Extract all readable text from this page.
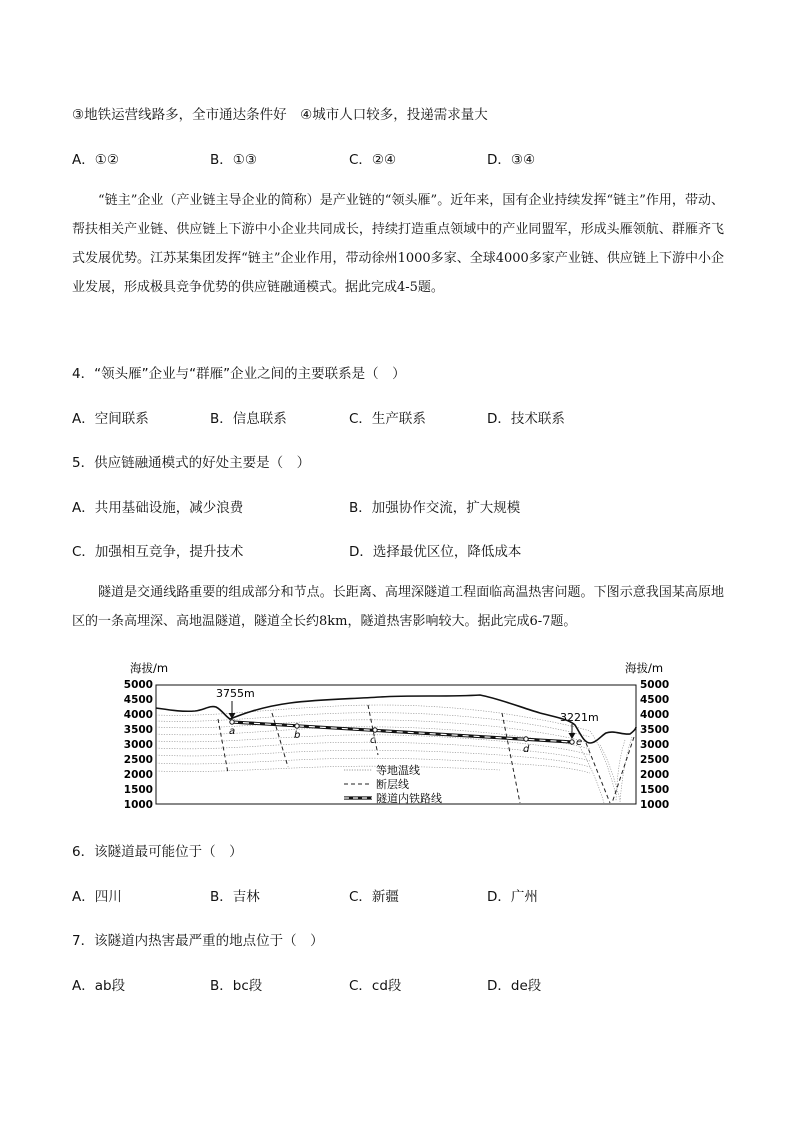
③地铁运营线路多，全市通达条件好　④城市人口较多，投递需求量大
A．①②	B．①③	C．②④	D．③④

“链主”企业（产业链主导企业的简称）是产业链的“领头雁”。近年来，国有企业持续发挥“链主”作用，带动、帮扶相关产业链、供应链上下游中小企业共同成长，持续打造重点领域中的产业同盟军，形成头雁领航、群雁齐飞式发展优势。江苏某集团发挥“链主”企业作用，带动徐州1000多家、全球4000多家产业链、供应链上下游中小企业发展，形成极具竞争优势的供应链融通模式。据此完成4-5题。

4．“领头雁”企业与“群雁”企业之间的主要联系是（　）
A．空间联系	B．信息联系	C．生产联系	D．技术联系
5．供应链融通模式的好处主要是（　）
A．共用基础设施，减少浪费	B．加强协作交流，扩大规模
C．加强相互竞争，提升技术	D．选择最优区位，降低成本

隧道是交通线路重要的组成部分和节点。长距离、高埋深隧道工程面临高温热害问题。下图示意我国某高原地区的一条高埋深、高地温隧道，隧道全长约8km，隧道热害影响较大。据此完成6-7题。

海拔/m	海拔/m
5000
4500
4000
3500
3000
2500
2000
1500
1000
5000
4500
4000
3500
3000
2500
2000
1500
1000
a	b	c
d
e
3755m
3221m
等地温线
断层线
隧道内铁路线
6．该隧道最可能位于（　）
A．四川	B．吉林	C．新疆	D．广州
7．该隧道内热害最严重的地点位于（　）
A．ab段	B．bc段	C．cd段	D．de段
